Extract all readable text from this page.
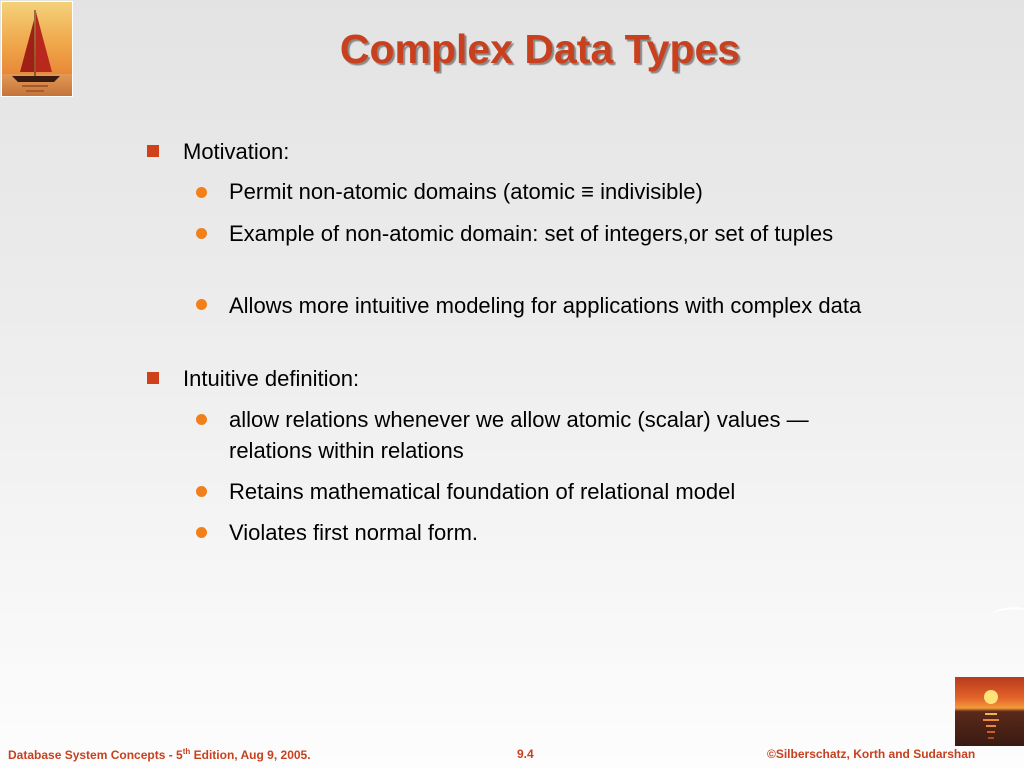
Complex Data Types
Motivation:
Permit non-atomic domains (atomic ≡ indivisible)
Example of non-atomic domain: set of integers,or set of tuples
Allows more intuitive modeling for applications with complex data
Intuitive definition:
allow relations whenever we allow atomic (scalar) values — relations within relations
Retains mathematical foundation of relational model
Violates first normal form.
Database System Concepts - 5th Edition, Aug 9, 2005.	9.4	©Silberschatz, Korth and Sudarshan
